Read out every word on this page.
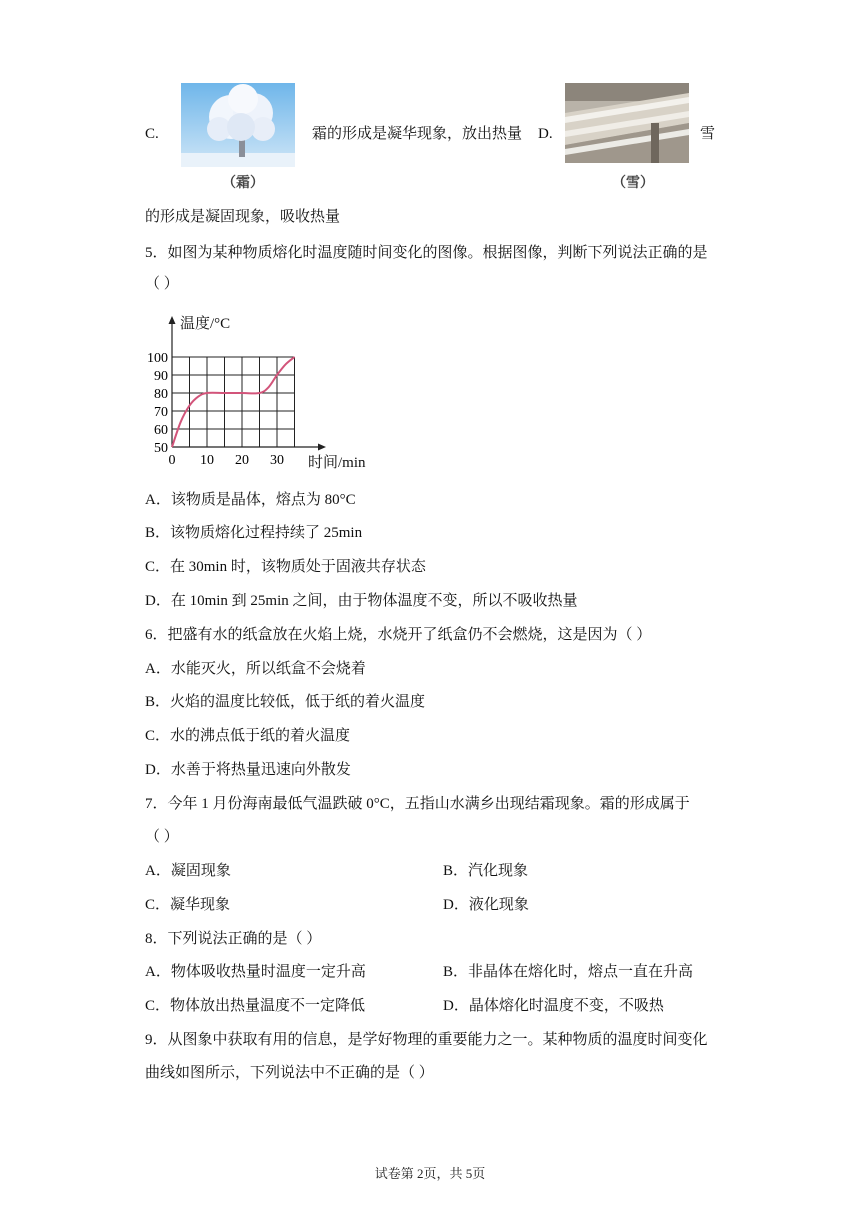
C.
（霜）
霜的形成是凝华现象，放出热量 D.
（雪）
雪
的形成是凝固现象，吸收热量
5．如图为某种物质熔化时温度随时间变化的图像。根据图像，判断下列说法正确的是
（ ）
温度/°C
时间/min
50
60
70
80
90
100
0 10 20 30
A．该物质是晶体，熔点为 80°C
B．该物质熔化过程持续了 25min
C．在 30min 时，该物质处于固液共存状态
D．在 10min 到 25min 之间，由于物体温度不变，所以不吸收热量
6．把盛有水的纸盒放在火焰上烧，水烧开了纸盒仍不会燃烧，这是因为（ ）
A．水能灭火，所以纸盒不会烧着
B．火焰的温度比较低，低于纸的着火温度
C．水的沸点低于纸的着火温度
D．水善于将热量迅速向外散发
7．今年 1 月份海南最低气温跌破 0°C，五指山水满乡出现结霜现象。霜的形成属于
（ ）
A．凝固现象	B．汽化现象
C．凝华现象	D．液化现象
8．下列说法正确的是（ ）
A．物体吸收热量时温度一定升高	B．非晶体在熔化时，熔点一直在升高
C．物体放出热量温度不一定降低	D．晶体熔化时温度不变，不吸热
9．从图象中获取有用的信息，是学好物理的重要能力之一。某种物质的温度时间变化
曲线如图所示，下列说法中不正确的是（ ）
试卷第 2页，共 5页
